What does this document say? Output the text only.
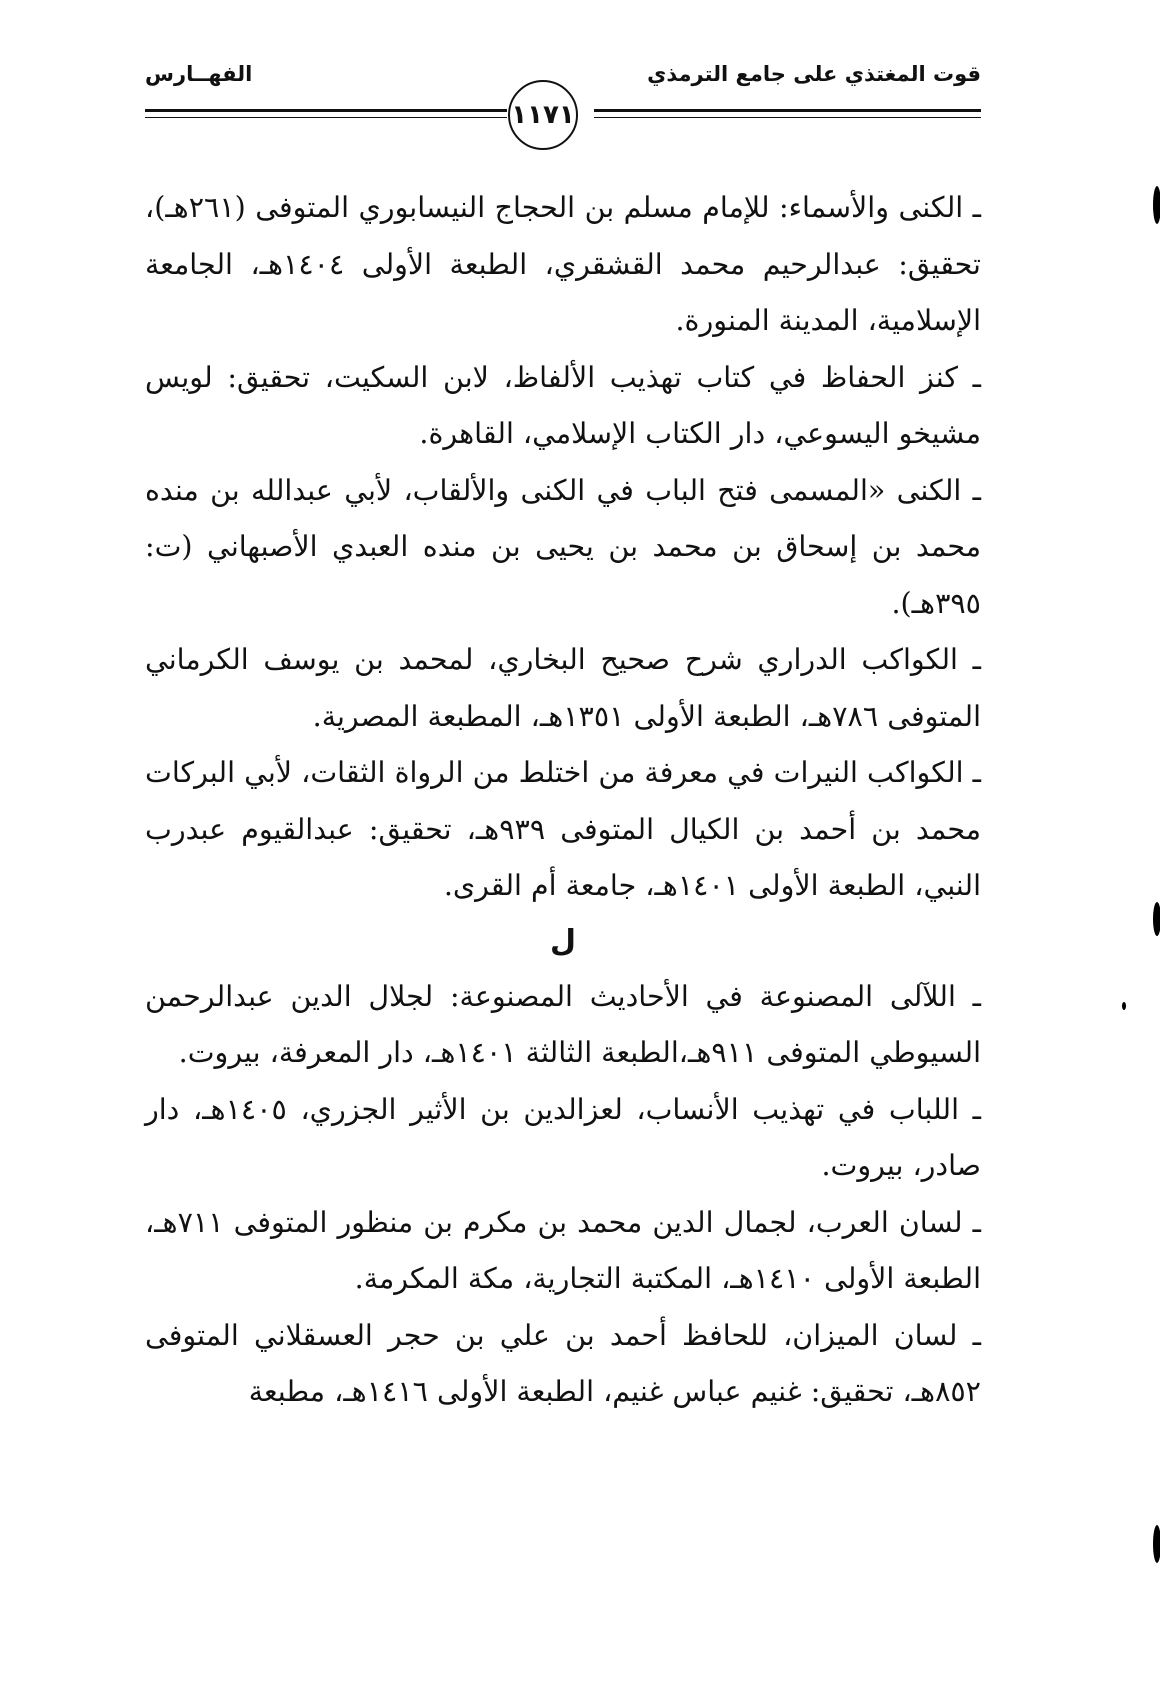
قوت المغتذي على جامع الترمذي
الفهــارس
١١٧١

ـ الكنى والأسماء: للإمام مسلم بن الحجاج النيسابوري المتوفى (٢٦١هـ)، تحقيق: عبدالرحيم محمد القشقري، الطبعة الأولى ١٤٠٤هـ، الجامعة الإسلامية، المدينة المنورة.

ـ كنز الحفاظ في كتاب تهذيب الألفاظ، لابن السكيت، تحقيق: لويس مشيخو اليسوعي، دار الكتاب الإسلامي، القاهرة.

ـ الكنى «المسمى فتح الباب في الكنى والألقاب، لأبي عبدالله بن منده محمد بن إسحاق بن محمد بن يحيى بن منده العبدي الأصبهاني (ت: ٣٩٥هـ).

ـ الكواكب الدراري شرح صحيح البخاري، لمحمد بن يوسف الكرماني المتوفى ٧٨٦هـ، الطبعة الأولى ١٣٥١هـ، المطبعة المصرية.

ـ الكواكب النيرات في معرفة من اختلط من الرواة الثقات، لأبي البركات محمد بن أحمد بن الكيال المتوفى ٩٣٩هـ، تحقيق: عبدالقيوم عبدرب النبي، الطبعة الأولى ١٤٠١هـ، جامعة أم القرى.

ل

ـ اللآلى المصنوعة في الأحاديث المصنوعة: لجلال الدين عبدالرحمن السيوطي المتوفى ٩١١هـ،الطبعة الثالثة ١٤٠١هـ، دار المعرفة، بيروت.

ـ اللباب في تهذيب الأنساب، لعزالدين بن الأثير الجزري، ١٤٠٥هـ، دار صادر، بيروت.

ـ لسان العرب، لجمال الدين محمد بن مكرم بن منظور المتوفى ٧١١هـ، الطبعة الأولى ١٤١٠هـ، المكتبة التجارية، مكة المكرمة.

ـ لسان الميزان، للحافظ أحمد بن علي بن حجر العسقلاني المتوفى ٨٥٢هـ، تحقيق: غنيم عباس غنيم، الطبعة الأولى ١٤١٦هـ، مطبعة
